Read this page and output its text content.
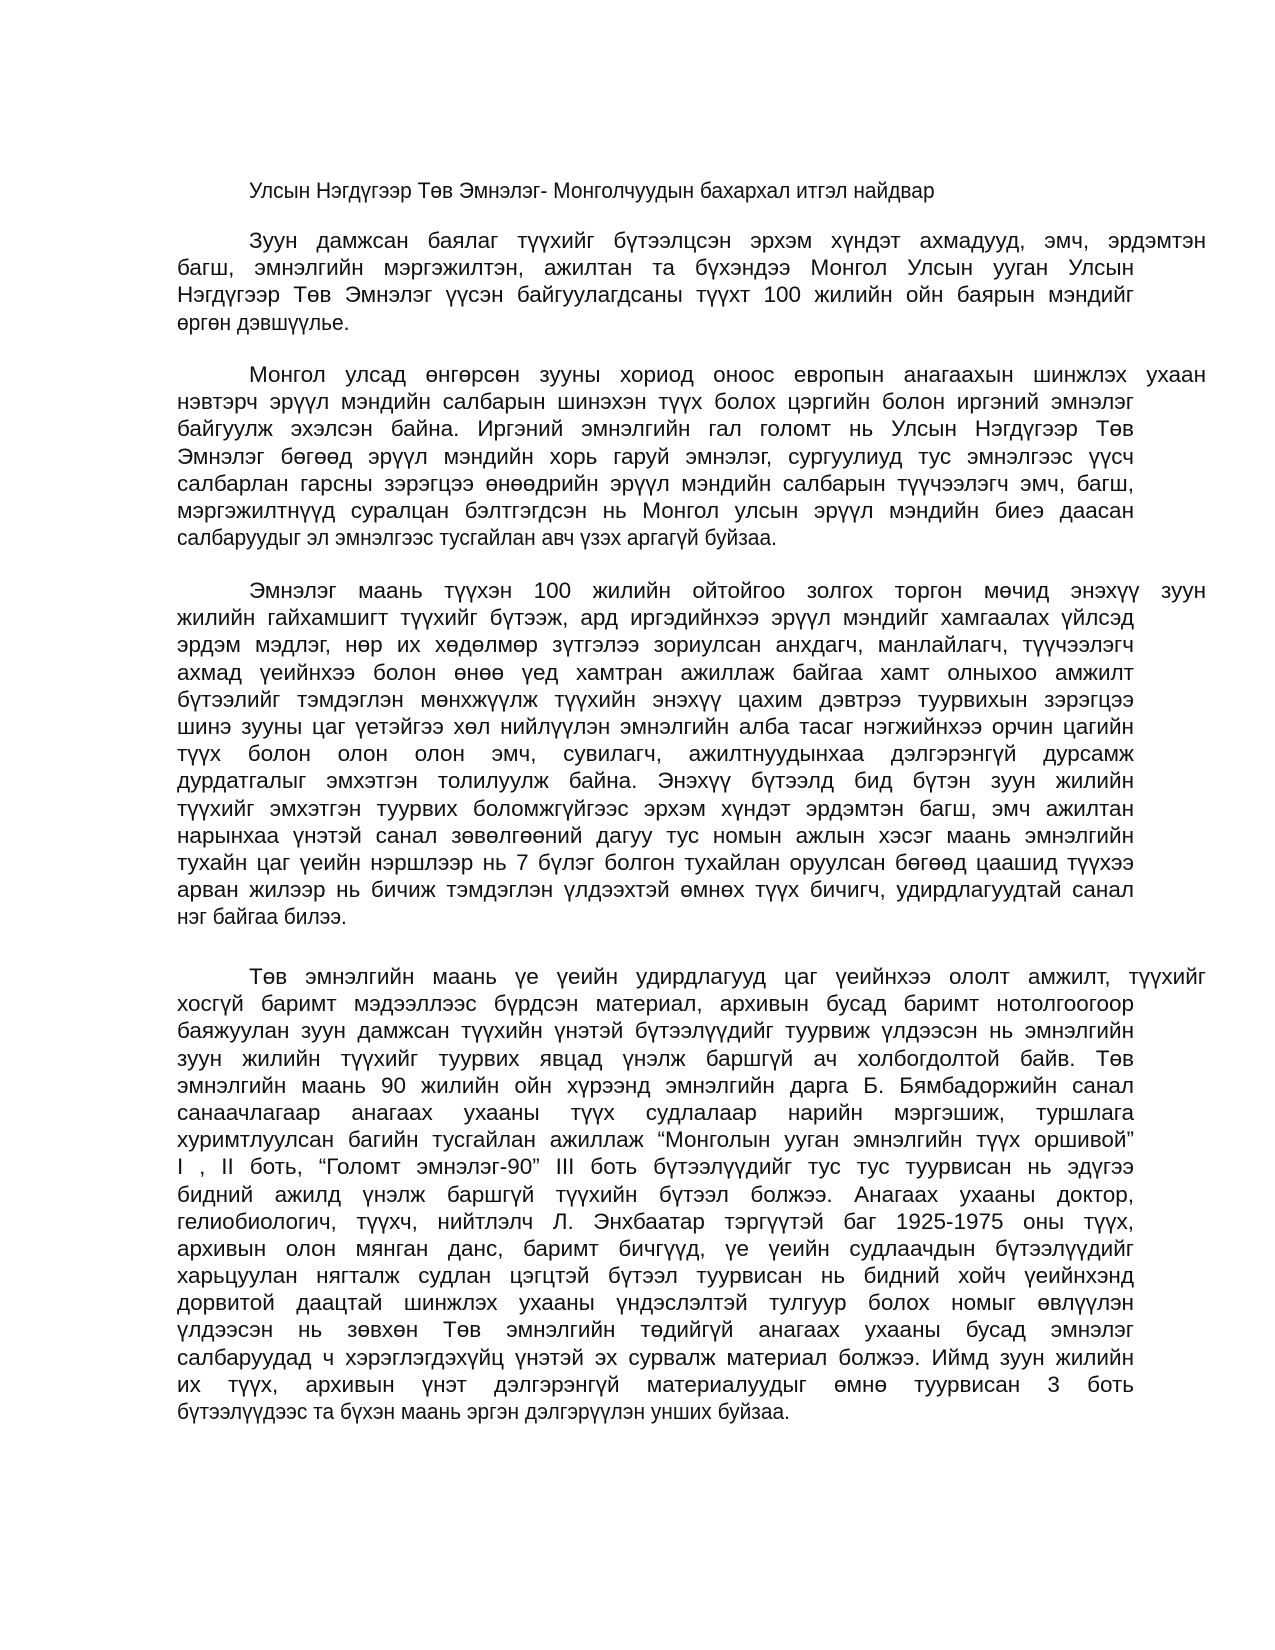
Улсын Нэгдүгээр Төв Эмнэлэг- Монголчуудын бахархал итгэл найдвар
Зуун дамжсан баялаг түүхийг бүтээлцсэн эрхэм хүндэт ахмадууд, эмч, эрдэмтэн
багш, эмнэлгийн мэргэжилтэн, ажилтан та бүхэндээ Монгол Улсын ууган Улсын
Нэгдүгээр Төв Эмнэлэг үүсэн байгуулагдсаны түүхт 100 жилийн ойн баярын мэндийг
өргөн дэвшүүлье.
Монгол улсад өнгөрсөн зууны хориод оноос европын анагаахын шинжлэх ухаан
нэвтэрч эрүүл мэндийн салбарын шинэхэн түүх болох цэргийн болон иргэний эмнэлэг
байгуулж эхэлсэн байна. Иргэний эмнэлгийн гал голомт нь Улсын Нэгдүгээр Төв
Эмнэлэг бөгөөд эрүүл мэндийн хорь гаруй эмнэлэг, сургуулиуд тус эмнэлгээс үүсч
салбарлан гарсны зэрэгцээ өнөөдрийн эрүүл мэндийн салбарын түүчээлэгч эмч, багш,
мэргэжилтнүүд суралцан бэлтгэгдсэн нь Монгол улсын эрүүл мэндийн биеэ даасан
салбаруудыг эл эмнэлгээс тусгайлан авч үзэх аргагүй буйзаа.
Эмнэлэг маань түүхэн 100 жилийн ойтойгоо золгох торгон мөчид энэхүү зуун
жилийн гайхамшигт түүхийг бүтээж, ард иргэдийнхээ эрүүл мэндийг хамгаалах үйлсэд
эрдэм мэдлэг, нөр их хөдөлмөр зүтгэлээ зориулсан анхдагч, манлайлагч, түүчээлэгч
ахмад үеийнхээ болон өнөө үед хамтран ажиллаж байгаа хамт олныхоо амжилт
бүтээлийг тэмдэглэн мөнхжүүлж түүхийн энэхүү цахим дэвтрээ туурвихын зэрэгцээ
шинэ зууны цаг үетэйгээ хөл нийлүүлэн эмнэлгийн алба тасаг нэгжийнхээ орчин цагийн
түүх болон олон олон эмч, сувилагч, ажилтнуудынхаа дэлгэрэнгүй дурсамж
дурдатгалыг эмхэтгэн толилуулж байна. Энэхүү бүтээлд бид бүтэн зуун жилийн
түүхийг эмхэтгэн туурвих боломжгүйгээс эрхэм хүндэт эрдэмтэн багш, эмч ажилтан
нарынхаа үнэтэй санал зөвөлгөөний дагуу тус номын ажлын хэсэг маань эмнэлгийн
тухайн цаг үеийн нэршлээр нь 7 бүлэг болгон тухайлан оруулсан бөгөөд цаашид түүхээ
арван жилээр нь бичиж тэмдэглэн үлдээхтэй өмнөх түүх бичигч, удирдлагуудтай санал
нэг байгаа билээ.
Төв эмнэлгийн маань үе үеийн удирдлагууд цаг үеийнхээ ололт амжилт, түүхийг
хосгүй баримт мэдээллээс бүрдсэн материал, архивын бусад баримт нотолгоогоор
баяжуулан зуун дамжсан түүхийн үнэтэй бүтээлүүдийг туурвиж үлдээсэн нь эмнэлгийн
зуун жилийн түүхийг туурвих явцад үнэлж баршгүй ач холбогдолтой байв. Төв
эмнэлгийн маань 90 жилийн ойн хүрээнд эмнэлгийн дарга Б. Бямбадоржийн санал
санаачлагаар анагаах ухааны түүх судлалаар нарийн мэргэшиж, туршлага
хуримтлуулсан багийн тусгайлан ажиллаж “Монголын ууган эмнэлгийн түүх оршивой”
I , II боть, “Голомт эмнэлэг-90” III боть бүтээлүүдийг тус тус туурвисан нь эдүгээ
бидний ажилд үнэлж баршгүй түүхийн бүтээл болжээ. Анагаах ухааны доктор,
гелиобиологич, түүхч, нийтлэлч Л. Энхбаатар тэргүүтэй баг 1925-1975 оны түүх,
архивын олон мянган данс, баримт бичгүүд, үе үеийн судлаачдын бүтээлүүдийг
харьцуулан нягталж судлан цэгцтэй бүтээл туурвисан нь бидний хойч үеийнхэнд
дорвитой даацтай шинжлэх ухааны үндэслэлтэй тулгуур болох номыг өвлүүлэн
үлдээсэн нь зөвхөн Төв эмнэлгийн төдийгүй анагаах ухааны бусад эмнэлэг
салбаруудад ч хэрэглэгдэхүйц үнэтэй эх сурвалж материал болжээ. Иймд зуун жилийн
их түүх, архивын үнэт дэлгэрэнгүй материалуудыг өмнө туурвисан 3 боть
бүтээлүүдээс та бүхэн маань эргэн дэлгэрүүлэн унших буйзаа.
